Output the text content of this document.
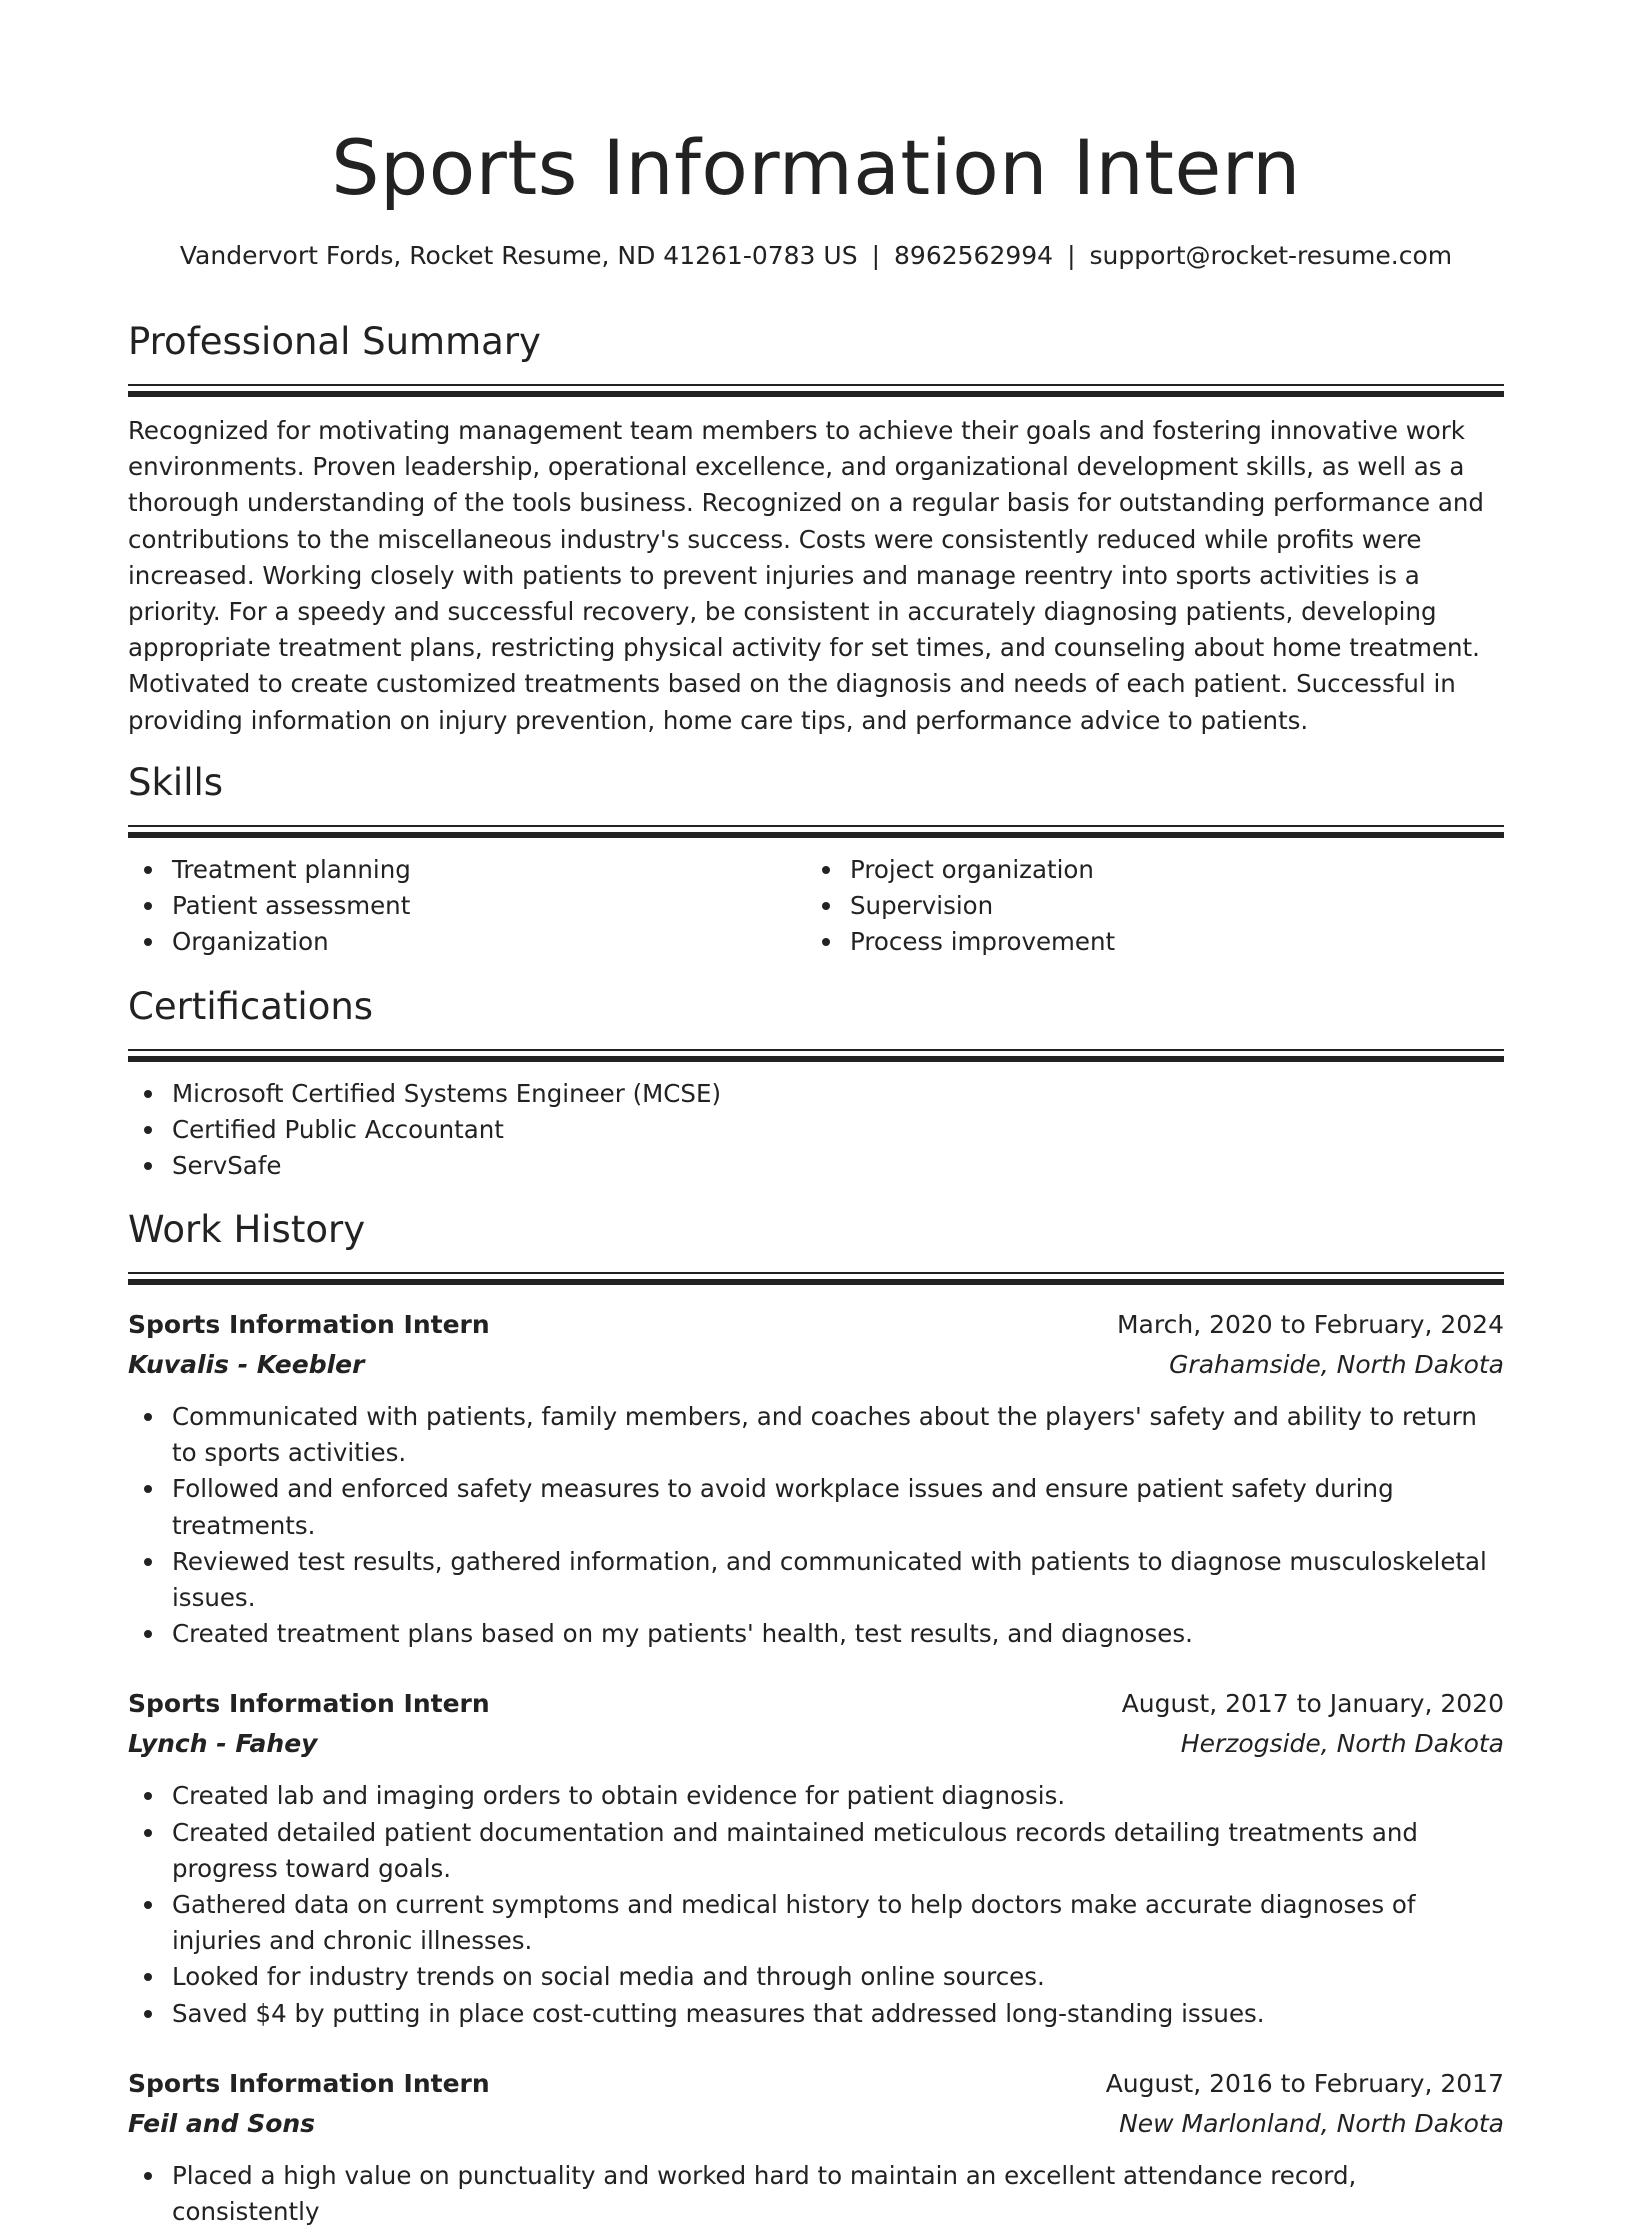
Sports Information Intern
Vandervort Fords, Rocket Resume, ND 41261-0783 US | 8962562994 | support@rocket-resume.com
Professional Summary

Recognized for motivating management team members to achieve their goals and fostering innovative work environments. Proven leadership, operational excellence, and organizational development skills, as well as a thorough understanding of the tools business. Recognized on a regular basis for outstanding performance and contributions to the miscellaneous industry's success. Costs were consistently reduced while profits were increased. Working closely with patients to prevent injuries and manage reentry into sports activities is a priority. For a speedy and successful recovery, be consistent in accurately diagnosing patients, developing appropriate treatment plans, restricting physical activity for set times, and counseling about home treatment. Motivated to create customized treatments based on the diagnosis and needs of each patient. Successful in providing information on injury prevention, home care tips, and performance advice to patients.

Skills
Treatment planning
Patient assessment
Organization
Project organization
Supervision
Process improvement
Certifications
Microsoft Certified Systems Engineer (MCSE)
Certified Public Accountant
ServSafe
Work History
Sports Information Intern	March, 2020 to February, 2024
Kuvalis - Keebler	Grahamside, North Dakota
Communicated with patients, family members, and coaches about the players' safety and ability to return to sports activities.
Followed and enforced safety measures to avoid workplace issues and ensure patient safety during treatments.
Reviewed test results, gathered information, and communicated with patients to diagnose musculoskeletal issues.
Created treatment plans based on my patients' health, test results, and diagnoses.
Sports Information Intern	August, 2017 to January, 2020
Lynch - Fahey	Herzogside, North Dakota
Created lab and imaging orders to obtain evidence for patient diagnosis.
Created detailed patient documentation and maintained meticulous records detailing treatments and progress toward goals.
Gathered data on current symptoms and medical history to help doctors make accurate diagnoses of injuries and chronic illnesses.
Looked for industry trends on social media and through online sources.
Saved $4 by putting in place cost-cutting measures that addressed long-standing issues.
Sports Information Intern	August, 2016 to February, 2017
Feil and Sons	New Marlonland, North Dakota
Placed a high value on punctuality and worked hard to maintain an excellent attendance record, consistently
